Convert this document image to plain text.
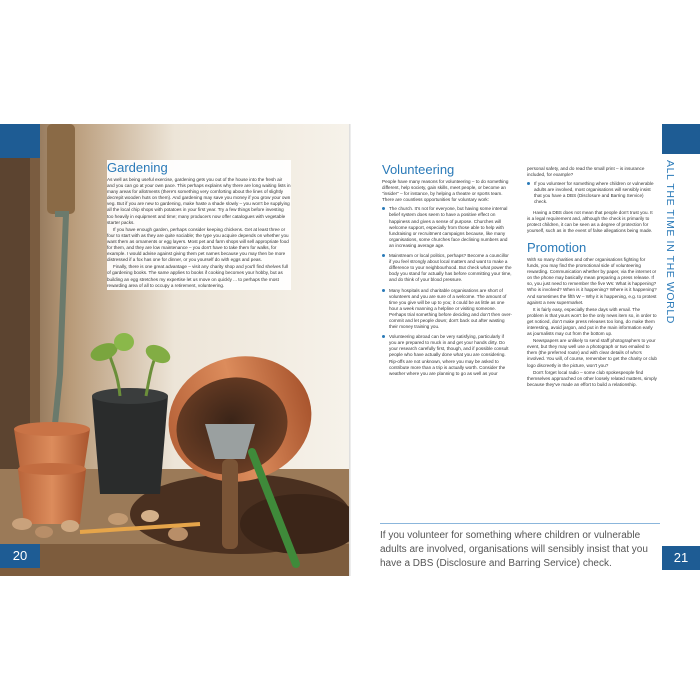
20
Gardening

As well as being useful exercise, gardening gets you out of the house into the fresh air and you can go at your own pace. This perhaps explains why there are long waiting lists in many areas for allotments (there's something very comforting about the lines of slightly decrepit wooden huts on them). And gardening may save you money if you grow your own veg. But if you are new to gardening, make haste a shade slowly – you won't be supplying all the local chip shops with potatoes in your first year. Try a few things before investing too heavily in equipment and time; many producers now offer catalogues with vegetable starter packs.

If you have enough garden, perhaps consider keeping chickens. Get at least three or four to start with as they are quite sociable; the type you acquire depends on whether you want them as ornaments or egg layers. Most pet and farm shops will sell appropriate food for them, and they are low maintenance – you don't have to take them for walks, for example. I would advise against giving them pet names because you may then be more distressed if a fox has one for dinner, or you yourself do with eggs and peas.

Finally, there is one great advantage – visit any charity shop and you'll find shelves full of gardening books. The same applies to books if cooking becomes your hobby, but as building an egg stretches my expertise let us move on quickly ... to perhaps the most rewarding area of all to occupy a retirement, volunteering.

Volunteering

People have many reasons for volunteering – to do something different, help society, gain skills, meet people, or become an "insider" – for instance, by helping a theatre or sports team. There are countless opportunities for voluntary work:

The church. It's not for everyone, but having some internal belief system does seem to have a positive effect on happiness and gives a sense of purpose. Churches will welcome support, especially from those able to help with fundraising or recruitment campaigns because, like many organisations, some churches face declining numbers and an increasing average age.
Mainstream or local politics, perhaps? Become a councillor if you feel strongly about local matters and want to make a difference to your neighbourhood. But check what power the body you stand for actually has before committing your time, and do think of your blood pressure.
Many hospitals and charitable organisations are short of volunteers and you are sure of a welcome. The amount of time you give will be up to you; it could be as little as one hour a week manning a helpline or visiting someone. Perhaps trial something before deciding and don't then over-commit and let people down; don't back out after wasting their money training you.
Volunteering abroad can be very satisfying, particularly if you are prepared to muck in and get your hands dirty. Do your research carefully first, though, and if possible consult people who have actually done what you are considering. Rip-offs are not unknown, where you may be asked to contribute more than a trip is actually worth. Consider the weather where you are planning to go as well as your

personal safety, and do read the small print – is insurance included, for example?

If you volunteer for something where children or vulnerable adults are involved, most organisations will sensibly insist that you have a DBS (Disclosure and Barring Service) check.

Having a DBS does not mean that people don't trust you. It is a legal requirement and, although the check is primarily to protect children, it can be seen as a degree of protection for yourself, such as in the event of false allegations being made.

Promotion

With so many charities and other organisations fighting for funds, you may find the promotional side of volunteering rewarding. Communication whether by paper, via the internet or on the phone may basically mean preparing a press release. If so, you just need to remember the five Ws: What is happening? Who is involved? When is it happening? Where is it happening? And sometimes the fifth W – Why it is happening, e.g. to protest against a new supermarket.

It is fairly easy, especially these days with email. The problem is that yours won't be the only news item so, in order to get noticed, don't make press releases too long, do make them interesting, avoid jargon, and put in the main information early as journalists may cut from the bottom up.

Newspapers are unlikely to send staff photographers to your event, but they may well use a photograph or two emailed to them (the preferred route) and with clear details of who's involved. You will, of course, remember to get the charity or club logo discreetly in the picture, won't you?

Don't forget local radio – some club spokespeople find themselves approached on other loosely related matters, simply because they've made an effort to build a relationship.

If you volunteer for something where children or vulnerable adults are involved, organisations will sensibly insist that you have a DBS (Disclosure and Barring Service) check.
ALL THE TIME IN THE WORLD
21
